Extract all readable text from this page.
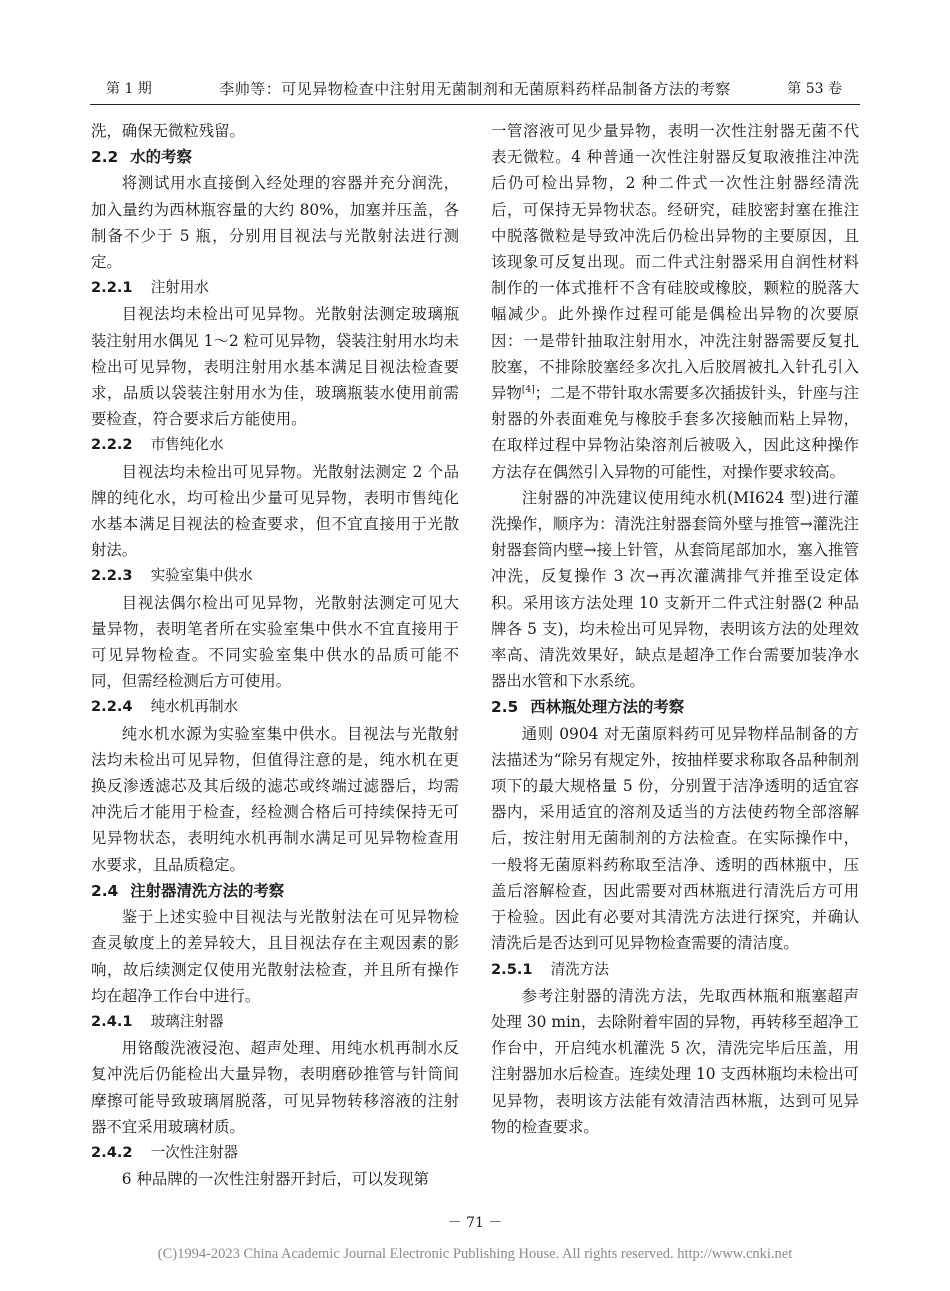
第 1 期	李帅等：可见异物检查中注射用无菌制剂和无菌原料药样品制备方法的考察	第 53 卷

洗，确保无微粒残留。

2.2 水的考察

将测试用水直接倒入经处理的容器并充分润洗，加入量约为西林瓶容量的大约 80%，加塞并压盖，各制备不少于 5 瓶，分别用目视法与光散射法进行测定。

2.2.1 注射用水

目视法均未检出可见异物。光散射法测定玻璃瓶装注射用水偶见 1～2 粒可见异物，袋装注射用水均未检出可见异物，表明注射用水基本满足目视法检查要求，品质以袋装注射用水为佳，玻璃瓶装水使用前需要检查，符合要求后方能使用。

2.2.2 市售纯化水

目视法均未检出可见异物。光散射法测定 2 个品牌的纯化水，均可检出少量可见异物，表明市售纯化水基本满足目视法的检查要求，但不宜直接用于光散射法。

2.2.3 实验室集中供水

目视法偶尔检出可见异物，光散射法测定可见大量异物，表明笔者所在实验室集中供水不宜直接用于可见异物检查。不同实验室集中供水的品质可能不同，但需经检测后方可使用。

2.2.4 纯水机再制水

纯水机水源为实验室集中供水。目视法与光散射法均未检出可见异物，但值得注意的是，纯水机在更换反渗透滤芯及其后级的滤芯或终端过滤器后，均需冲洗后才能用于检查，经检测合格后可持续保持无可见异物状态，表明纯水机再制水满足可见异物检查用水要求，且品质稳定。

2.4 注射器清洗方法的考察

鉴于上述实验中目视法与光散射法在可见异物检查灵敏度上的差异较大，且目视法存在主观因素的影响，故后续测定仅使用光散射法检查，并且所有操作均在超净工作台中进行。

2.4.1 玻璃注射器

用铬酸洗液浸泡、超声处理、用纯水机再制水反复冲洗后仍能检出大量异物，表明磨砂推管与针筒间摩擦可能导致玻璃屑脱落，可见异物转移溶液的注射器不宜采用玻璃材质。

2.4.2 一次性注射器

6 种品牌的一次性注射器开封后，可以发现第

一管溶液可见少量异物，表明一次性注射器无菌不代表无微粒。4 种普通一次性注射器反复取液推注冲洗后仍可检出异物，2 种二件式一次性注射器经清洗后，可保持无异物状态。经研究，硅胶密封塞在推注中脱落微粒是导致冲洗后仍检出异物的主要原因，且该现象可反复出现。而二件式注射器采用自润性材料制作的一体式推杆不含有硅胶或橡胶，颗粒的脱落大幅减少。此外操作过程可能是偶检出异物的次要原因：一是带针抽取注射用水，冲洗注射器需要反复扎胶塞，不排除胶塞经多次扎入后胶屑被扎入针孔引入异物[4]；二是不带针取水需要多次插拔针头，针座与注射器的外表面难免与橡胶手套多次接触而粘上异物，在取样过程中异物沾染溶剂后被吸入，因此这种操作方法存在偶然引入异物的可能性，对操作要求较高。

注射器的冲洗建议使用纯水机(MI624 型)进行灌洗操作，顺序为：清洗注射器套筒外壁与推管→灌洗注射器套筒内壁→接上针管，从套筒尾部加水，塞入推管冲洗，反复操作 3 次→再次灌满排气并推至设定体积。采用该方法处理 10 支新开二件式注射器(2 种品牌各 5 支)，均未检出可见异物，表明该方法的处理效率高、清洗效果好，缺点是超净工作台需要加装净水器出水管和下水系统。

2.5 西林瓶处理方法的考察

通则 0904 对无菌原料药可见异物样品制备的方法描述为“除另有规定外，按抽样要求称取各品种制剂项下的最大规格量 5 份，分别置于洁净透明的适宜容器内，采用适宜的溶剂及适当的方法使药物全部溶解后，按注射用无菌制剂的方法检查。在实际操作中，一般将无菌原料药称取至洁净、透明的西林瓶中，压盖后溶解检查，因此需要对西林瓶进行清洗后方可用于检验。因此有必要对其清洗方法进行探究，并确认清洗后是否达到可见异物检查需要的清洁度。

2.5.1 清洗方法

参考注射器的清洗方法，先取西林瓶和瓶塞超声处理 30 min，去除附着牢固的异物，再转移至超净工作台中，开启纯水机灌洗 5 次，清洗完毕后压盖，用注射器加水后检查。连续处理 10 支西林瓶均未检出可见异物，表明该方法能有效清洁西林瓶，达到可见异物的检查要求。

－ 71 －
(C)1994-2023 China Academic Journal Electronic Publishing House. All rights reserved. http://www.cnki.net
